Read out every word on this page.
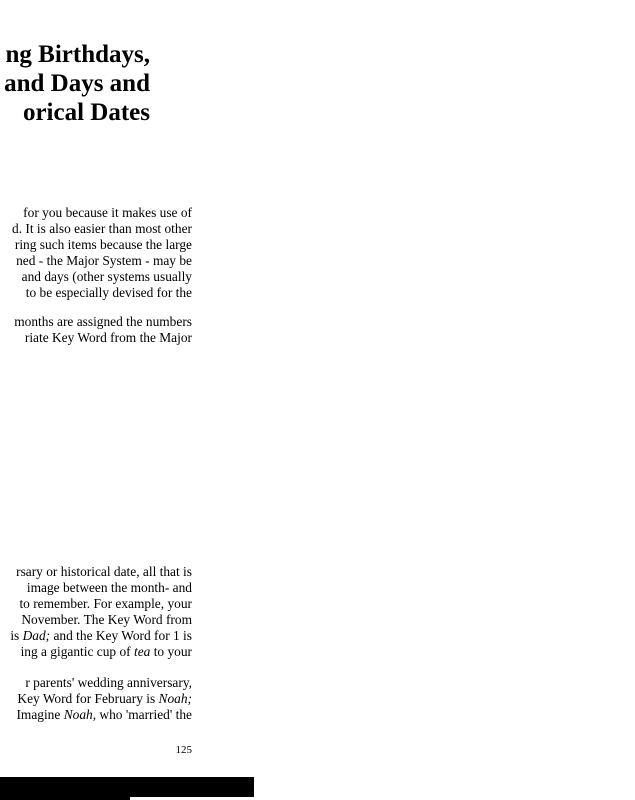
ng Birthdays,
and Days and
orical Dates
for you because it makes use of
d. It is also easier than most other
ring such items because the large
ned - the Major System - may be
and days (other systems usually
to be especially devised for the
months are assigned the numbers
riate Key Word from the Major
rsary or historical date, all that is
image between the month- and
to remember. For example, your
November. The Key Word from
is Dad; and the Key Word for 1 is
ing a gigantic cup of tea to your
r parents' wedding anniversary,
Key Word for February is Noah;
Imagine Noah, who 'married' the
125
